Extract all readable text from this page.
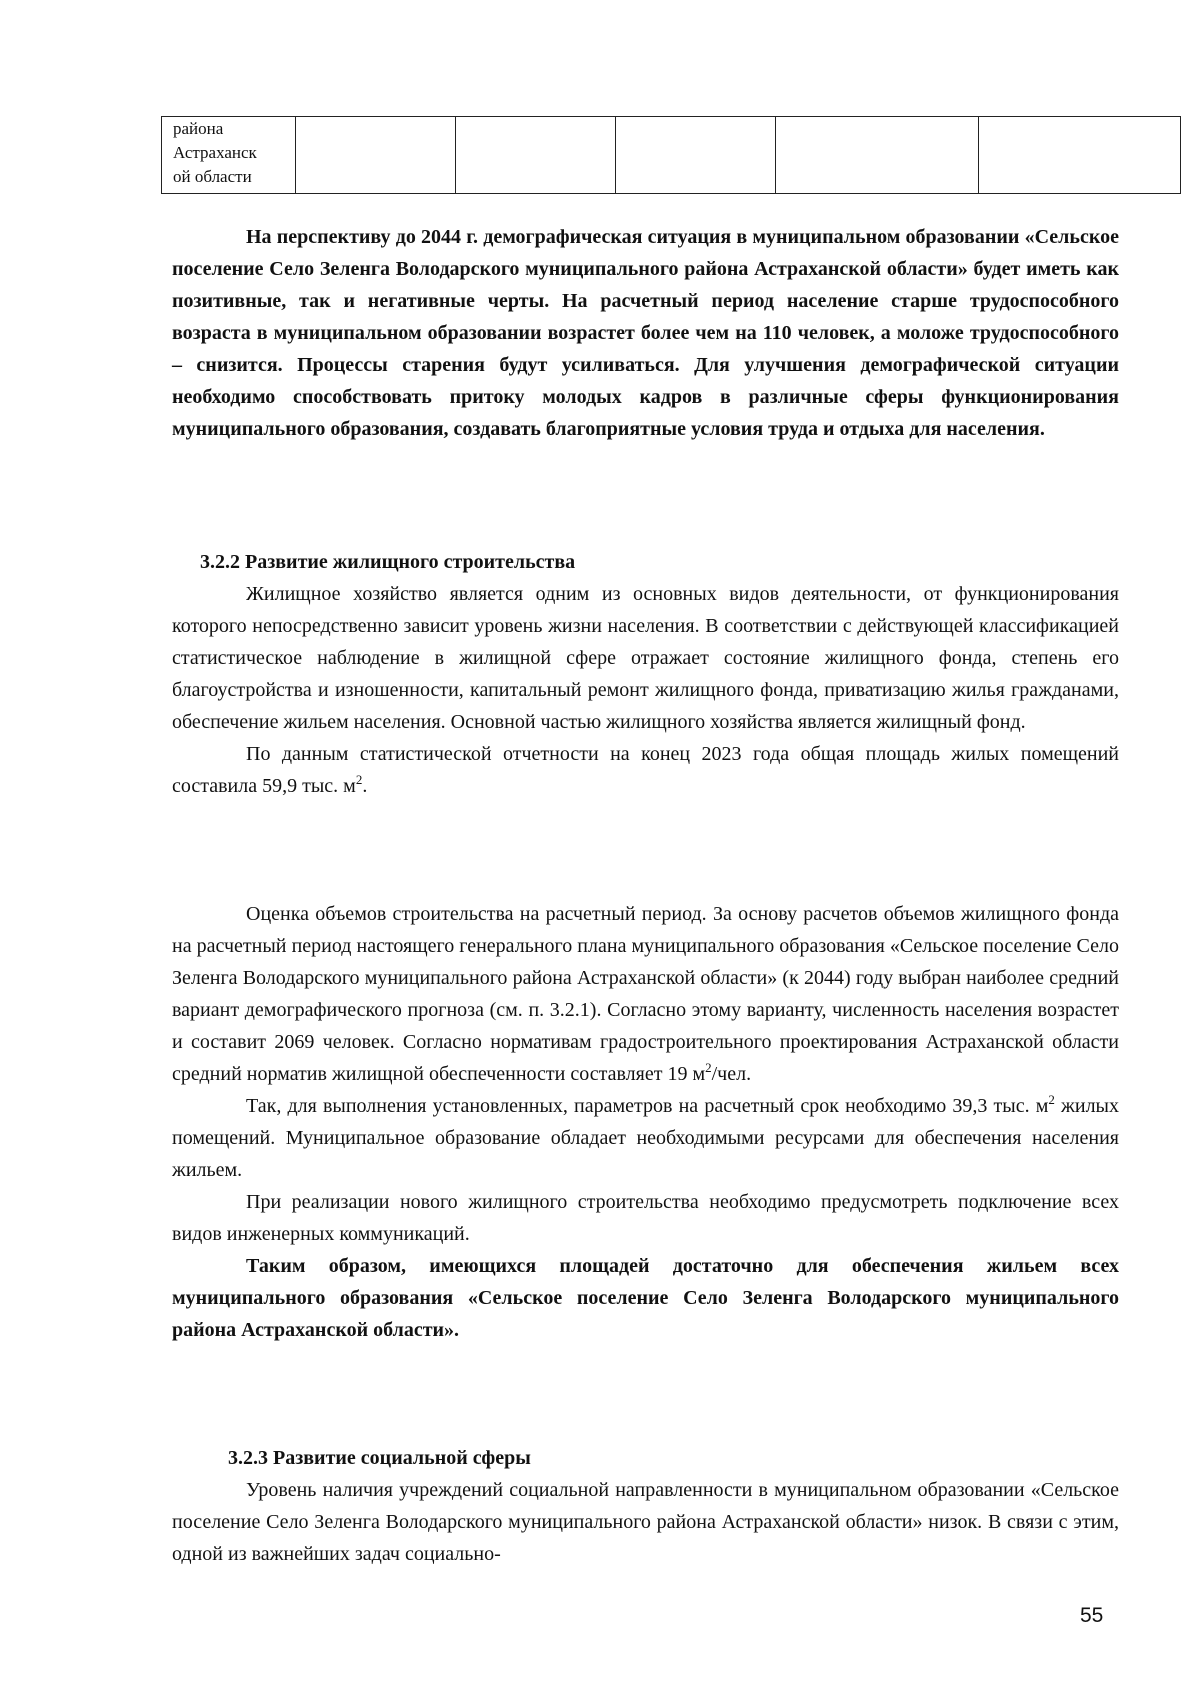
района
Астраханск
ой области

На перспективу до 2044 г. демографическая ситуация в муниципальном образовании «Сельское поселение Село Зеленга Володарского муниципального района Астраханской области» будет иметь как позитивные, так и негативные черты. На расчетный период население старше трудоспособного возраста в муниципальном образовании возрастет более чем на 110 человек, а моложе трудоспособного – снизится. Процессы старения будут усиливаться. Для улучшения демографической ситуации необходимо способствовать притоку молодых кадров в различные сферы функционирования муниципального образования, создавать благоприятные условия труда и отдыха для населения.

3.2.2 Развитие жилищного строительства

Жилищное хозяйство является одним из основных видов деятельности, от функционирования которого непосредственно зависит уровень жизни населения. В соответствии с действующей классификацией статистическое наблюдение в жилищной сфере отражает состояние жилищного фонда, степень его благоустройства и изношенности, капитальный ремонт жилищного фонда, приватизацию жилья гражданами, обеспечение жильем населения. Основной частью жилищного хозяйства является жилищный фонд.

По данным статистической отчетности на конец 2023 года общая площадь жилых помещений составила 59,9 тыс. $м^2$.

Оценка объемов строительства на расчетный период. За основу расчетов объемов жилищного фонда на расчетный период настоящего генерального плана муниципального образования «Сельское поселение Село Зеленга Володарского муниципального района Астраханской области» (к 2044) году выбран наиболее средний вариант демографического прогноза (см. п. 3.2.1). Согласно этому варианту, численность населения возрастет и составит 2069 человек. Согласно нормативам градостроительного проектирования Астраханской области средний норматив жилищной обеспеченности составляет 19 $м^2$/чел.

Так, для выполнения установленных, параметров на расчетный срок необходимо 39,3 тыс. $м^2$ жилых помещений. Муниципальное образование обладает необходимыми ресурсами для обеспечения населения жильем.

При реализации нового жилищного строительства необходимо предусмотреть подключение всех видов инженерных коммуникаций.

Таким образом, имеющихся площадей достаточно для обеспечения жильем всех муниципального образования «Сельское поселение Село Зеленга Володарского муниципального района Астраханской области».

3.2.3 Развитие социальной сферы

Уровень наличия учреждений социальной направленности в муниципальном образовании «Сельское поселение Село Зеленга Володарского муниципального района Астраханской области» низок. В связи с этим, одной из важнейших задач социально-

55
